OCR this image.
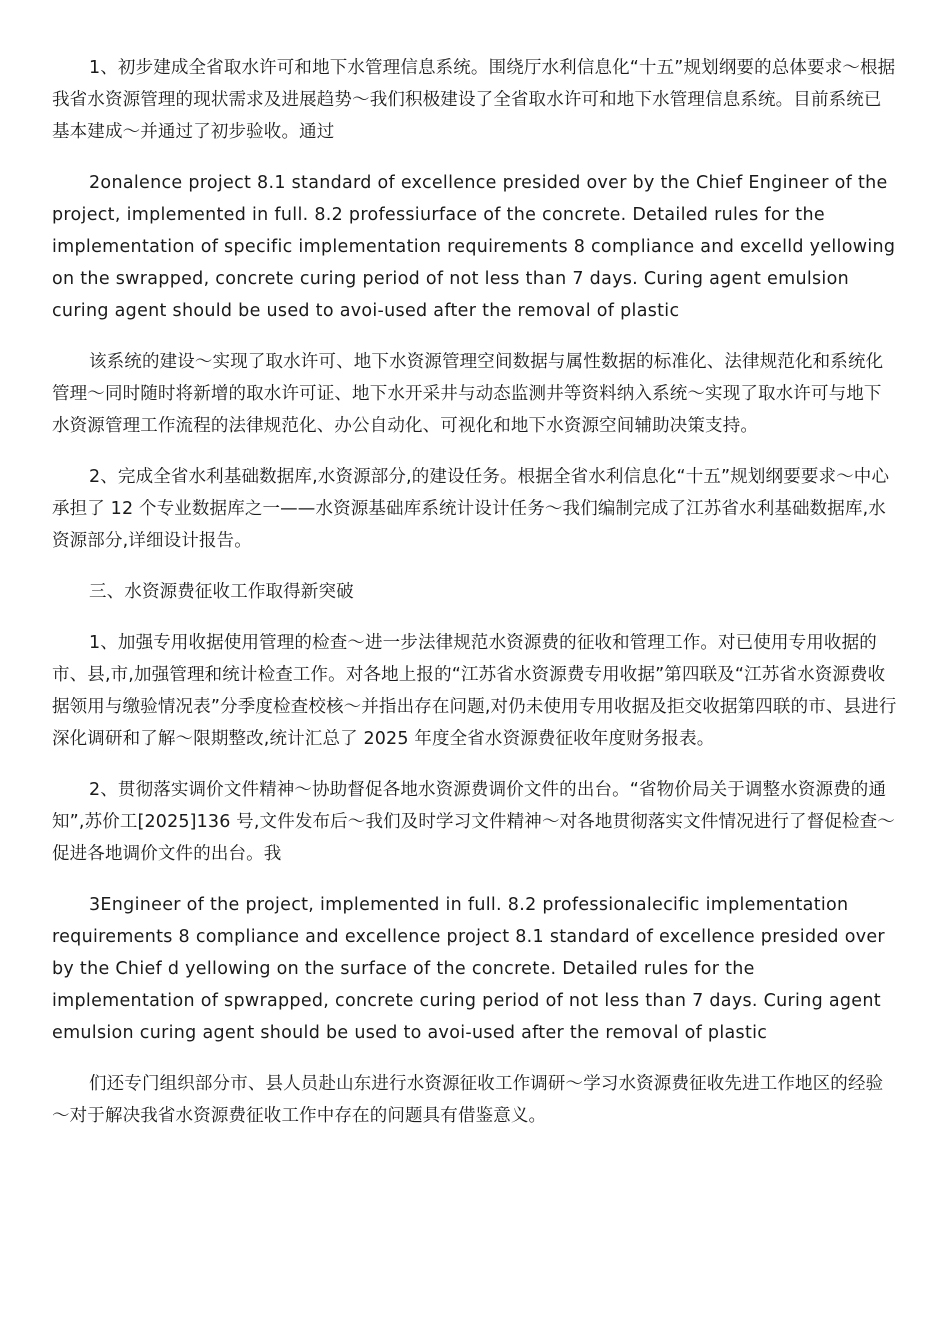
1、初步建成全省取水许可和地下水管理信息系统。围绕厅水利信息化“十五”规划纲要的总体要求～根据我省水资源管理的现状需求及进展趋势～我们积极建设了全省取水许可和地下水管理信息系统。目前系统已基本建成～并通过了初步验收。通过

2onalence project 8.1 standard of excellence presided over by the Chief Engineer of the project, implemented in full. 8.2 professiurface of the concrete. Detailed rules for the implementation of specific implementation requirements 8 compliance and excelld yellowing on the swrapped, concrete curing period of not less than 7 days. Curing agent emulsion curing agent should be used to avoi-used after the removal of plastic

该系统的建设～实现了取水许可、地下水资源管理空间数据与属性数据的标准化、法律规范化和系统化管理～同时随时将新增的取水许可证、地下水开采井与动态监测井等资料纳入系统～实现了取水许可与地下水资源管理工作流程的法律规范化、办公自动化、可视化和地下水资源空间辅助决策支持。

2、完成全省水利基础数据库,水资源部分,的建设任务。根据全省水利信息化“十五”规划纲要要求～中心承担了 12 个专业数据库之一——水资源基础库系统计设计任务～我们编制完成了江苏省水利基础数据库,水资源部分,详细设计报告。

三、水资源费征收工作取得新突破

1、加强专用收据使用管理的检查～进一步法律规范水资源费的征收和管理工作。对已使用专用收据的市、县,市,加强管理和统计检查工作。对各地上报的“江苏省水资源费专用收据”第四联及“江苏省水资源费收据领用与缴验情况表”分季度检查校核～并指出存在问题,对仍未使用专用收据及拒交收据第四联的市、县进行深化调研和了解～限期整改,统计汇总了 2025 年度全省水资源费征收年度财务报表。

2、贯彻落实调价文件精神～协助督促各地水资源费调价文件的出台。“省物价局关于调整水资源费的通知”,苏价工[2025]136 号,文件发布后～我们及时学习文件精神～对各地贯彻落实文件情况进行了督促检查～促进各地调价文件的出台。我

3Engineer of the project, implemented in full. 8.2 professionalecific implementation requirements 8 compliance and excellence project 8.1 standard of excellence presided over by the Chief d yellowing on the surface of the concrete. Detailed rules for the implementation of spwrapped, concrete curing period of not less than 7 days. Curing agent emulsion curing agent should be used to avoi-used after the removal of plastic

们还专门组织部分市、县人员赴山东进行水资源征收工作调研～学习水资源费征收先进工作地区的经验～对于解决我省水资源费征收工作中存在的问题具有借鉴意义。
